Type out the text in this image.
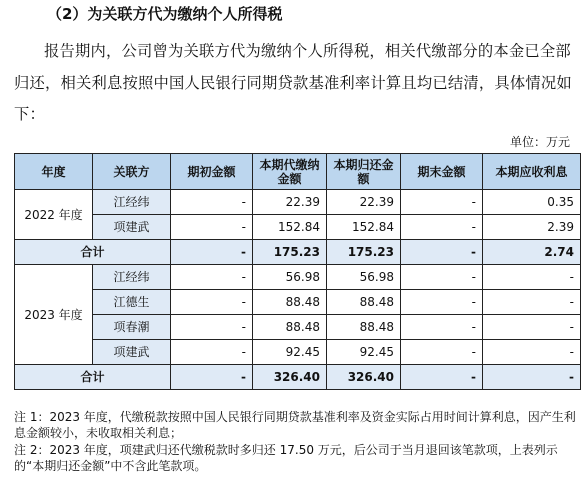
（2）为关联方代为缴纳个人所得税
报告期内，公司曾为关联方代为缴纳个人所得税，相关代缴部分的本金已全部归还，相关利息按照中国人民银行同期贷款基准利率计算且均已结清，具体情况如下：
单位：万元
年度	关联方	期初金额	本期代缴纳金额	本期归还金额	期末金额	本期应收利息
2022 年度	江经纬	-	22.39	22.39	-	0.35
	项建武	-	152.84	152.84	-	2.39
合计		-	175.23	175.23	-	2.74
2023 年度	江经纬	-	56.98	56.98	-	-
	江德生	-	88.48	88.48	-	-
	项春潮	-	88.48	88.48	-	-
	项建武	-	92.45	92.45	-	-
合计		-	326.40	326.40	-	-

注 1：2023 年度，代缴税款按照中国人民银行同期贷款基准利率及资金实际占用时间计算利息，因产生利息金额较小，未收取相关利息；

注 2：2023 年度，项建武归还代缴税款时多归还 17.50 万元，后公司于当月退回该笔款项，上表列示的“本期归还金额”中不含此笔款项。
